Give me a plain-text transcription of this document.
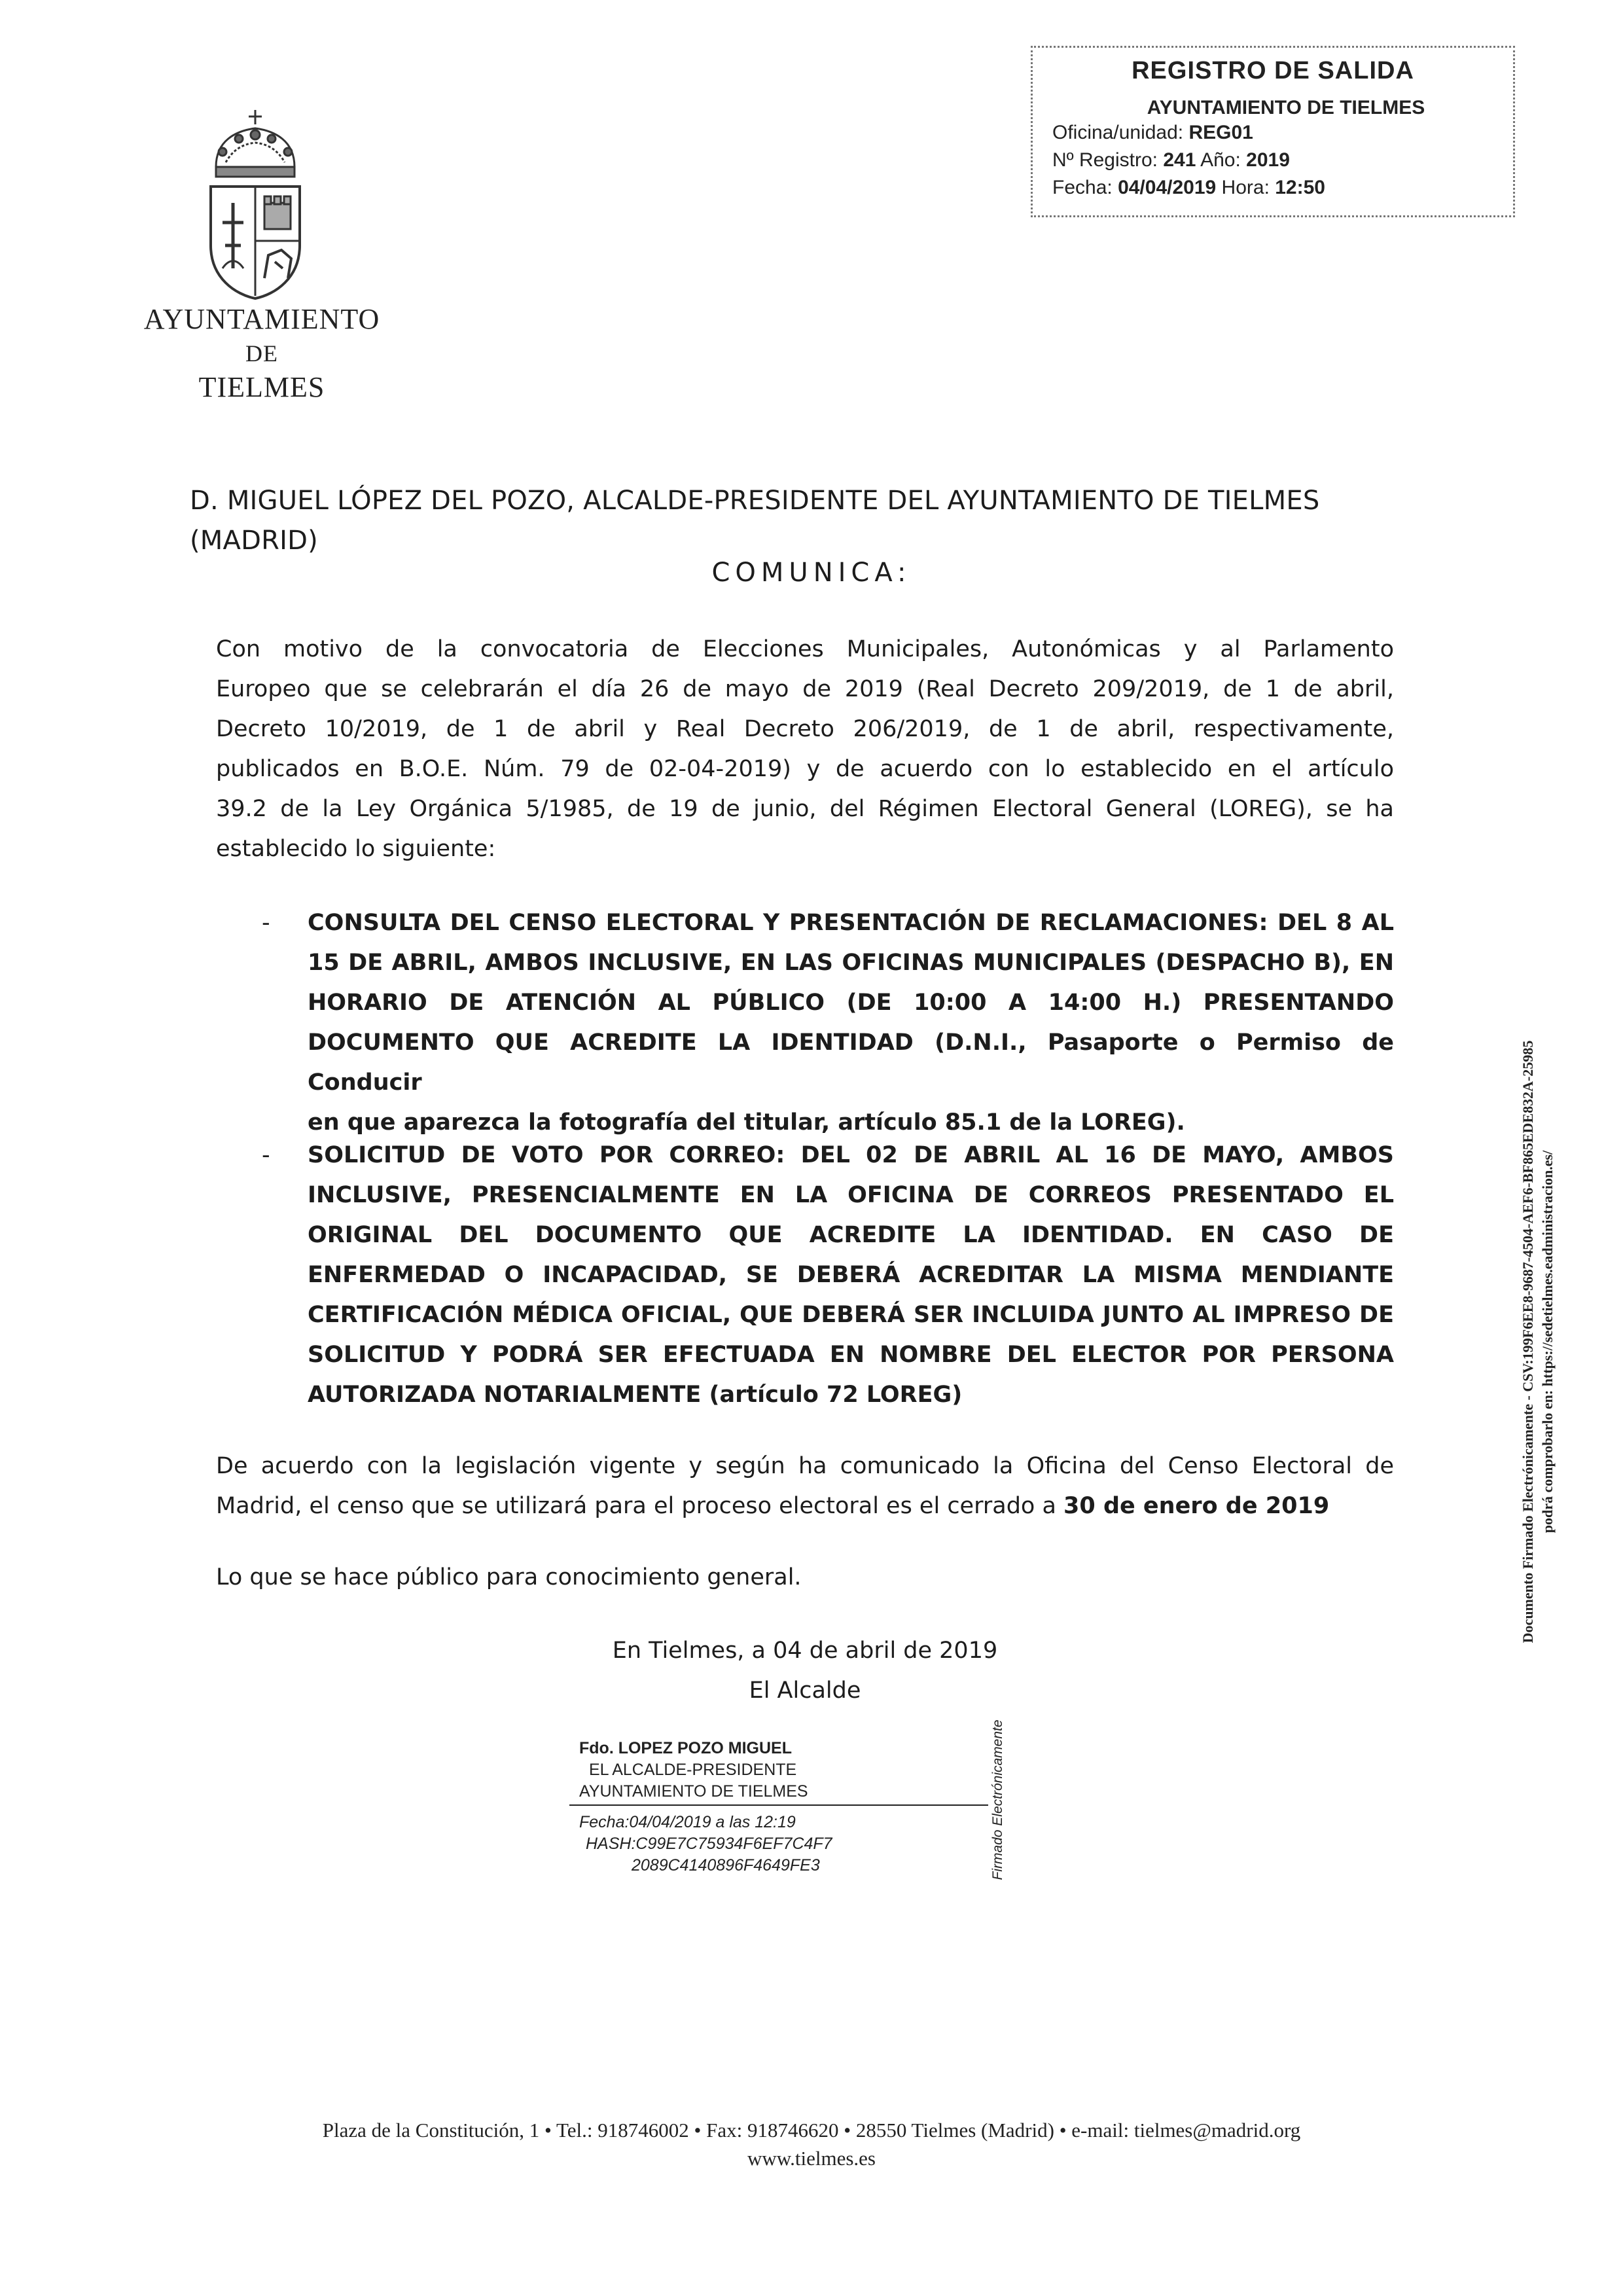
AYUNTAMIENTO
DE
TIELMES
REGISTRO DE SALIDA
AYUNTAMIENTO DE TIELMES
Oficina/unidad: REG01
Nº Registro: 241 Año: 2019
Fecha: 04/04/2019 Hora: 12:50
D. MIGUEL LÓPEZ DEL POZO, ALCALDE-PRESIDENTE DEL AYUNTAMIENTO DE TIELMES (MADRID)
COMUNICA:
Con motivo de la convocatoria de Elecciones Municipales, Autonómicas y al Parlamento
Europeo que se celebrarán el día 26 de mayo de 2019 (Real Decreto 209/2019, de 1 de abril,
Decreto 10/2019, de 1 de abril y Real Decreto 206/2019, de 1 de abril, respectivamente,
publicados en B.O.E. Núm. 79 de 02-04-2019) y de acuerdo con lo establecido en el artículo
39.2 de la Ley Orgánica 5/1985, de 19 de junio, del Régimen Electoral General (LOREG), se ha
establecido lo siguiente:
- CONSULTA DEL CENSO ELECTORAL Y PRESENTACIÓN DE RECLAMACIONES: DEL 8 AL
15 DE ABRIL, AMBOS INCLUSIVE, EN LAS OFICINAS MUNICIPALES (DESPACHO B), EN
HORARIO DE ATENCIÓN AL PÚBLICO (DE 10:00 A 14:00 H.) PRESENTANDO
DOCUMENTO QUE ACREDITE LA IDENTIDAD (D.N.I., Pasaporte o Permiso de Conducir
en que aparezca la fotografía del titular, artículo 85.1 de la LOREG).
- SOLICITUD DE VOTO POR CORREO: DEL 02 DE ABRIL AL 16 DE MAYO, AMBOS
INCLUSIVE, PRESENCIALMENTE EN LA OFICINA DE CORREOS PRESENTADO EL
ORIGINAL DEL DOCUMENTO QUE ACREDITE LA IDENTIDAD. EN CASO DE
ENFERMEDAD O INCAPACIDAD, SE DEBERÁ ACREDITAR LA MISMA MENDIANTE
CERTIFICACIÓN MÉDICA OFICIAL, QUE DEBERÁ SER INCLUIDA JUNTO AL IMPRESO DE
SOLICITUD Y PODRÁ SER EFECTUADA EN NOMBRE DEL ELECTOR POR PERSONA
AUTORIZADA NOTARIALMENTE (artículo 72 LOREG)
De acuerdo con la legislación vigente y según ha comunicado la Oficina del Censo Electoral de
Madrid, el censo que se utilizará para el proceso electoral es el cerrado a 30 de enero de 2019
Lo que se hace público para conocimiento general.
En Tielmes, a 04 de abril de 2019
El Alcalde
Fdo. LOPEZ POZO MIGUEL
EL ALCALDE-PRESIDENTE
AYUNTAMIENTO DE TIELMES
Fecha:04/04/2019 a las 12:19
HASH:C99E7C75934F6EF7C4F7
2089C4140896F4649FE3	Firmado Electrónicamente
Documento Firmado Electrónicamente - CSV:199F6EE8-9687-4504-AEF6-BF865EDE832A-25985 podrá comprobarlo en: https://sedetielmes.eadministracion.es/
Plaza de la Constitución, 1 • Tel.: 918746002 • Fax: 918746620 • 28550 Tielmes (Madrid) • e-mail: tielmes@madrid.org
www.tielmes.es
